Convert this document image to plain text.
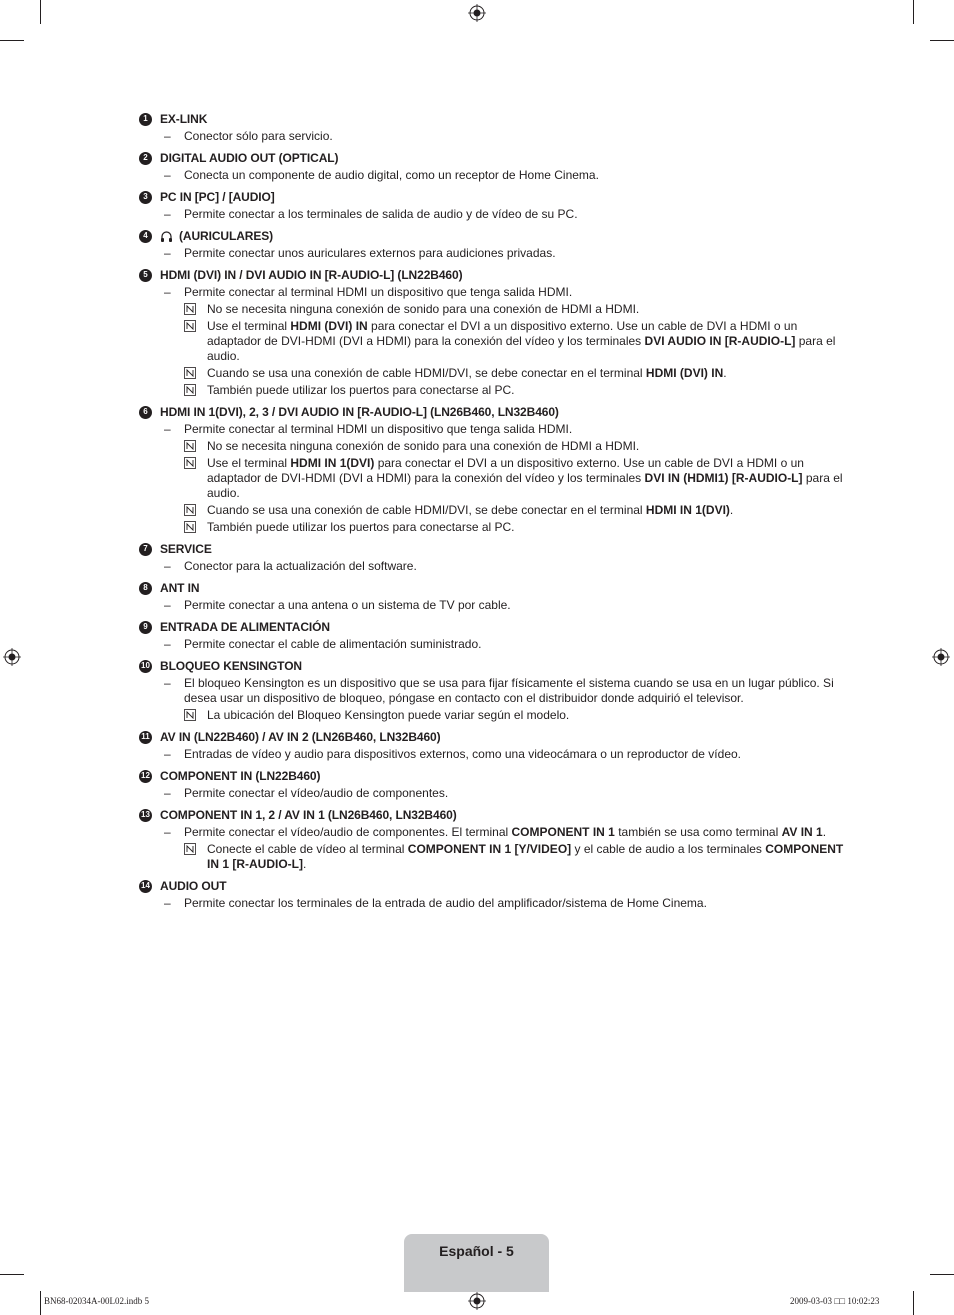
1	EX-LINK
–	Conector sólo para servicio.
2	DIGITAL AUDIO OUT (OPTICAL)
–	Conecta un componente de audio digital, como un receptor de Home Cinema.
3	PC IN [PC] / [AUDIO]
–	Permite conectar a los terminales de salida de audio y de vídeo de su PC.
4	(AURICULARES)
–	Permite conectar unos auriculares externos para audiciones privadas.
5	HDMI (DVI) IN / DVI AUDIO IN [R-AUDIO-L] (LN22B460)
–	Permite conectar al terminal HDMI un dispositivo que tenga salida HDMI.
No se necesita ninguna conexión de sonido para una conexión de HDMI a HDMI.
Use el terminal HDMI (DVI) IN para conectar el DVI a un dispositivo externo. Use un cable de DVI a HDMI o un adaptador de DVI-HDMI (DVI a HDMI) para la conexión del vídeo y los terminales DVI AUDIO IN [R-AUDIO-L] para el audio.
Cuando se usa una conexión de cable HDMI/DVI, se debe conectar en el terminal HDMI (DVI) IN.
También puede utilizar los puertos para conectarse al PC.
6	HDMI IN 1(DVI), 2, 3 / DVI AUDIO IN [R-AUDIO-L] (LN26B460, LN32B460)
–	Permite conectar al terminal HDMI un dispositivo que tenga salida HDMI.
No se necesita ninguna conexión de sonido para una conexión de HDMI a HDMI.
Use el terminal HDMI IN 1(DVI) para conectar el DVI a un dispositivo externo. Use un cable de DVI a HDMI o un adaptador de DVI-HDMI (DVI a HDMI) para la conexión del vídeo y los terminales DVI IN (HDMI1) [R-AUDIO-L] para el audio.
Cuando se usa una conexión de cable HDMI/DVI, se debe conectar en el terminal HDMI IN 1(DVI).
También puede utilizar los puertos para conectarse al PC.
7	SERVICE
–	Conector para la actualización del software.
8	ANT IN
–	Permite conectar a una antena o un sistema de TV por cable.
9	ENTRADA DE ALIMENTACIÓN
–	Permite conectar el cable de alimentación suministrado.
10 BLOQUEO KENSINGTON
–	El bloqueo Kensington es un dispositivo que se usa para fijar físicamente el sistema cuando se usa en un lugar público. Si desea usar un dispositivo de bloqueo, póngase en contacto con el distribuidor donde adquirió el televisor.
La ubicación del Bloqueo Kensington puede variar según el modelo.
11 AV IN (LN22B460) / AV IN 2 (LN26B460, LN32B460)
–	Entradas de vídeo y audio para dispositivos externos, como una videocámara o un reproductor de vídeo.
12 COMPONENT IN (LN22B460)
–	Permite conectar el vídeo/audio de componentes.
13 COMPONENT IN 1, 2 / AV IN 1 (LN26B460, LN32B460)
–	Permite conectar el vídeo/audio de componentes. El terminal COMPONENT IN 1 también se usa como terminal AV IN 1.
Conecte el cable de vídeo al terminal COMPONENT IN 1 [Y/VIDEO] y el cable de audio a los terminales COMPONENT IN 1 [R-AUDIO-L].
14 AUDIO OUT
–	Permite conectar los terminales de la entrada de audio del amplificador/sistema de Home Cinema.
Español - 5
BN68-02034A-00L02.indb 5	2009-03-03 □□ 10:02:23
